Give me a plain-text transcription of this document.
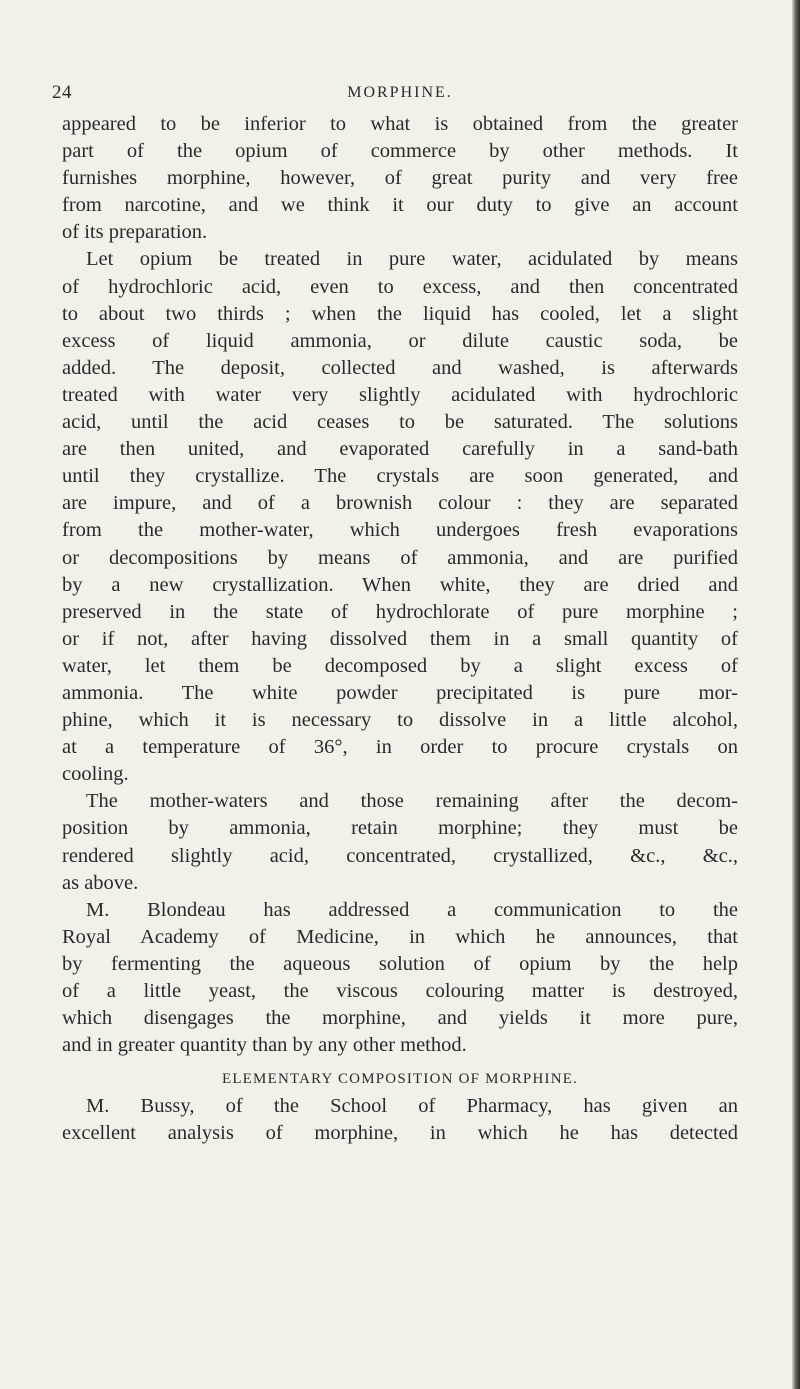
24	MORPHINE.
appeared to be inferior to what is obtained from the greater
part of the opium of commerce by other methods. It
furnishes morphine, however, of great purity and very free
from narcotine, and we think it our duty to give an account
of its preparation.
Let opium be treated in pure water, acidulated by means
of hydrochloric acid, even to excess, and then concentrated
to about two thirds ; when the liquid has cooled, let a slight
excess of liquid ammonia, or dilute caustic soda, be
added. The deposit, collected and washed, is afterwards
treated with water very slightly acidulated with hydrochloric
acid, until the acid ceases to be saturated. The solutions
are then united, and evaporated carefully in a sand-bath
until they crystallize. The crystals are soon generated, and
are impure, and of a brownish colour : they are separated
from the mother-water, which undergoes fresh evaporations
or decompositions by means of ammonia, and are purified
by a new crystallization. When white, they are dried and
preserved in the state of hydrochlorate of pure morphine ;
or if not, after having dissolved them in a small quantity of
water, let them be decomposed by a slight excess of
ammonia. The white powder precipitated is pure mor-
phine, which it is necessary to dissolve in a little alcohol,
at a temperature of 36°, in order to procure crystals on
cooling.
The mother-waters and those remaining after the decom-
position by ammonia, retain morphine; they must be
rendered slightly acid, concentrated, crystallized, &c., &c.,
as above.
M. Blondeau has addressed a communication to the
Royal Academy of Medicine, in which he announces, that
by fermenting the aqueous solution of opium by the help
of a little yeast, the viscous colouring matter is destroyed,
which disengages the morphine, and yields it more pure,
and in greater quantity than by any other method.
ELEMENTARY COMPOSITION OF MORPHINE.
M. Bussy, of the School of Pharmacy, has given an
excellent analysis of morphine, in which he has detected
